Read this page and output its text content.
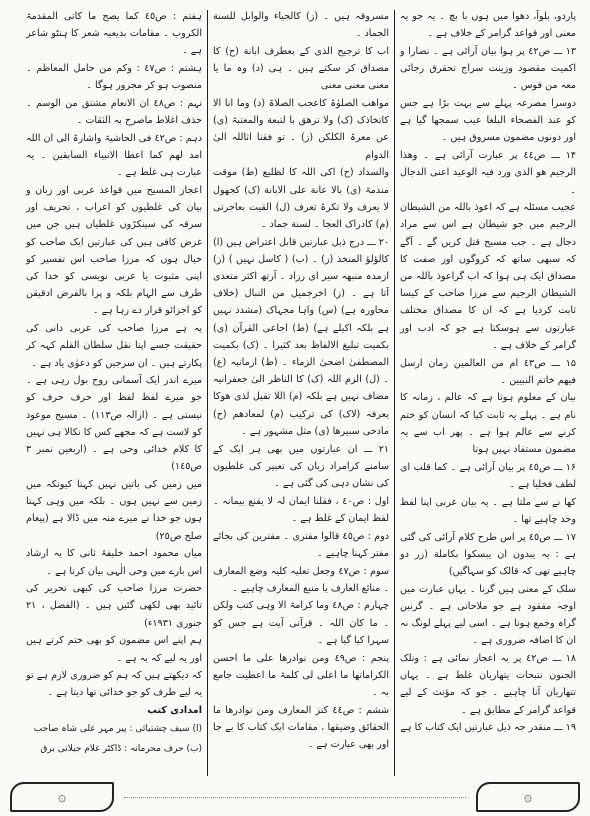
پاردو، بلوآ، دھوا میں ہوں با بچ ۔ یہ جو یہ معنی اور قواعد گرامر کے خلاف ہے ۔

۱۳ ـــ ص٤٢ پر ہوا بیان آرائی ہے ۔ نصارا و اکمیت مقصود وزینت سراج تحقرق رجائی معہ من فوس ۔

دوسرا مصرعہ پہلے سے بہت بڑا ہے جس کو عند الفصحاء البلغا عیب سمجھا گیا ہے اور دونوں مضمون مسروق ہیں ۔

۱۴ ـــ ص٤٤ پر عبارت آرائی ہے ۔ وھذا الرجیم ھو الذی ورد فیہ الوعید اعنی الدجال ۔

عجیب مسئلہ ہے کہ اعوذ باللہ من الشیطان الرجیم میں جو شیطان ہے اس سے مراد دجال ہے ۔ جب مسیح قتل کریں گے ۔ آگے کہ سبھی ساتھ کہ کروگوں اور صفت کا مصداق ایک ہی ہوا کہ اب گراعوذ باللہ من الشیطان الرجیم سے مرزا صاحب کے کیسا ثابت کردیا ہے کہ ان کا مصداق مختلف عبارتوں سے ہوسکتا ہے جو کہ ادب اور گرامر کے خلاف ہے ۔

۱۵ ـــ ص٤٣ ام من العالمین زمان ارسل فیھم خاتم النبیین ۔

بیان کے معلوم ہوتا ہے کہ عالم ، زمانہ کا نام ہے ۔ پہلے یہ ثابت کیا کہ انسان کو ختم کرنے سے عالم ہوا ہے ۔ پھر اب سے یہ مضمون مستفاد نہیں ہوتا

۱۶ ـــ ص٤٥ پر بیان آرائی ہے ۔ کما قلب ای لطف فخلیا ہے ۔

کھا نے سے ملتا ہے ۔ یہ بیان عربی اپنا لفظ وحد چاہیے تھا ۔

۱۷ ـــ ص٤٥ پر اس طرح کلام آرائی کی گئی ہے : یہ یبدون ان یبسکوا بکاملة (زر دو چاہیے تھی کہ قالک کو سہاگیں)

سلک کے معنی ہیں گرنا ۔ یہاں عبارت میں اوجہ مفقود ہے جو ملاحاتی ہے ۔ گرنین گراہ وجمع ہوتا ہے ۔ اسی لیے پہلے لونگ نہ ان کا اضافہ ضروری ہے ۔

۱۸ ـــ ص٤٢ پر یہ اعجاز نمائی ہے : ونلک الجنون نتبحات یتھاریان غلط ہے ۔ یہاں تتھاریان آنا چاہیے ۔ جو کہ مؤنث کے لیے قواعد گرامر کے مطابق ہے ۔

۱۹ ـــ منقدر جہ ذیل عبارتیں ایک کتاب کا ہے

مسروقہ ہیں ۔ (ز) کالجیاء والوابل للسنة الجماد ۔

اب کا ترجیح الذی کے بعطرف ابانة (ح) کا مصداق کر سکتے ہیں ۔ ہی (د) وہ ما یا معنی معنی معنی

مواھب الصلوٰۃ کاعجب الصلاۃ (د) وما انا الا کاتخاذک (ک) ولا ترھق با لتبعة والمعتبۃ (ی) عن معرۃ الکلکن (ز) ۔ تو فقنا اثاللہ الیٰ الدوام

والسداد (ح) اکی اللہ کا لظلیع (ط) موقت مندمۃ (ی) بالا عانة علی الابانة (ک) کجھول لا یعرف ولا تکرۃ تعرف (ل) القیت بعاجرتی (م) کادراک العجا ۔ لسنة جماد ۔

۲۰ ـــ درج ذیل عبارتیں قابل اعتراض ہیں (ا) کالؤلؤ المنخذ (ز) ۔ (ب) ( کاسل نہیں ) (ز) ازمدہ منبھہ سیر ای رزاد ۔ آرتھ اکثر متعدی آتا ہے ۔ (ز) اخرجمیل من النبال (خلاف محاورہ ہے) (س) واہا مجہاک (مشدد نہیں ہے بلکہ اکیلے ہے) (ط) اجاعی القرآن (ی) بکمیت تبلیغ الالفاظ بعد کثیرا ۔ (ک) بکمیت المصطفیٰ اضحیٰ الزماء ۔ (ط) ازمانیہ (ع) ۔ (ل) الزم اللہ (ک) کا الناظر الیٰ جعفرانیہ مضاف نہیں ہے بلکہ (م) اللا تقبل لذی ھوکا یعرفہ (لاک) کی ترکیب (م) لمعادھم (ح) مادحی سبیرھا (ی) مثل مشہور ہے ۔

۲۱ ـــ ان عبارتوں میں بھی ہر ایک کے سامنے کرامراد زبان کی تعبیر کی غلطیوں کی نشان دہی کی گئی ہے ۔

اول : ص٤٠ ، فقلنا ایمان لہ لا یقنع بیمانہ ۔ لفظ ایمان کے غلط ہے ۔

دوم : ص٤٥ قالوا مفتری ۔ مفترین کی بجائے مفتر کہنا چاہیے ۔

سوم : ص٤٧ وجعل تعلیہ کلیہ وضع المعارف ۔ منائع العارف یا منبع المعارف چاہیے ۔

چہارم : ص٤٨ وما کرامۃ الا وہی کتب ولکن ۔ ما کان اللہ ۔ قرآنی آیت ہے جس کو سہرا کیا گیا ہے ۔

پنجم : ص٤٩ ومن نوادرھا علی ما احسن الکراماتھا ما اعلی لی کلمۃ ما اعطیت جامع بہ ۔

ششم : ص٤٤ کنز المعارف ومن نوادرھا ما الحقائق وضیقھا ، مقامات ایک کتاب کا بے جا اور بھی عبارت ہے ۔

ہفتم : ص٤٥ کما یصح ما کاتی المقدمۃ الکروب ۔ مقامات بدیعیہ شعر کا ہنٹو شاعر ہے ۔

ہشتم : ص٤٧ : وکم من حامل المعاظم ۔ منصوب ہو کر مجرور ہوگا ۔

نہم : ص٤٨ ان الانعام مشتق من الوسم ۔ حذف اغلاط ماصرح بہ الثقات ۔

دہم : ص٤٢ فی الحاشیۃ واشارۃ الی ان اللہ امد لھم کما اعطا الانبیاء السابقین ۔ یہ عبارت ہی غلط ہے ۔

اعجاز المسیح میں قواعد عربی اور زبان و بیان کی غلطیوں کو اعراب ، تحریف اور سرقہ کی سینکڑوں غلطیاں ہیں جن میں غرض کافی ہیں کی عبارتیں ایک صاحب کو خیال ہوں کہ مرزا صاحب اس تفسیر کو اپنی مثبوت یا عربی نویسی کو خدا کی طرف سے الہام بلکہ و پرا بالفرض ادقیقن کو اجزائو قرار دے رہا ہے ۔

یہ ہے مرزا صاحب کی عربی دانی کی حقیقت جسے اپنا نقل سلطان القلم کہہ کر پکارتے ہیں ۔ ان سرجیں کو دعوٰی یاد ہے ۔

میرے اندر ایک آسمانی روح بول رہی ہے ۔ جو میرے لفظ لفظ اور حرف حرف کو نیستی ہے ۔ (ازالہ ص١١٣) ۔ مسیح موعود کو لاست ہے کہ مجھے کس کا نکالا ہی نہیں کا کلام خدائی وحی ہے ۔ (اربعین نمبر ۳ ص١٤٥)

میں زمین کی باتیں نہیں کہتا کیونکہ میں زمین سے نہیں ہوں ۔ بلکہ میں وہی کہتا ہوں جو خدا نے میرے منہ میں ڈالا ہے (پیغام صلح ص٢٥)

میاں محمود احمد خلیفۂ ثانی کا یہ ارشاد اس بارے میں وحی الٰہی بیان کرتا ہے ۔

حضرت مرزا صاحب کی کبھی تحریر کی تائید بھی لکھی گئیں ہیں ۔ (الفضل ، ۲۱ جنوری ۱۹۳۱ء)

ہم اپنے اس مضمون کو بھی ختم کرتے ہیں اور یہ لیے کہ یہ ہے ۔

کہ دیکھتے ہیں کہ ہم کو ضروری لازم ہے تو یہ لیے طرف کو جو خدائی تھا دیتا ہے ۔

امدادی کتب

(ا) سیف چشتیائی : پیر مہر علی شاہ صاحب
(ب) حرف محرمانہ : ڈاکٹر غلام جیلانی برق
۞	۞
